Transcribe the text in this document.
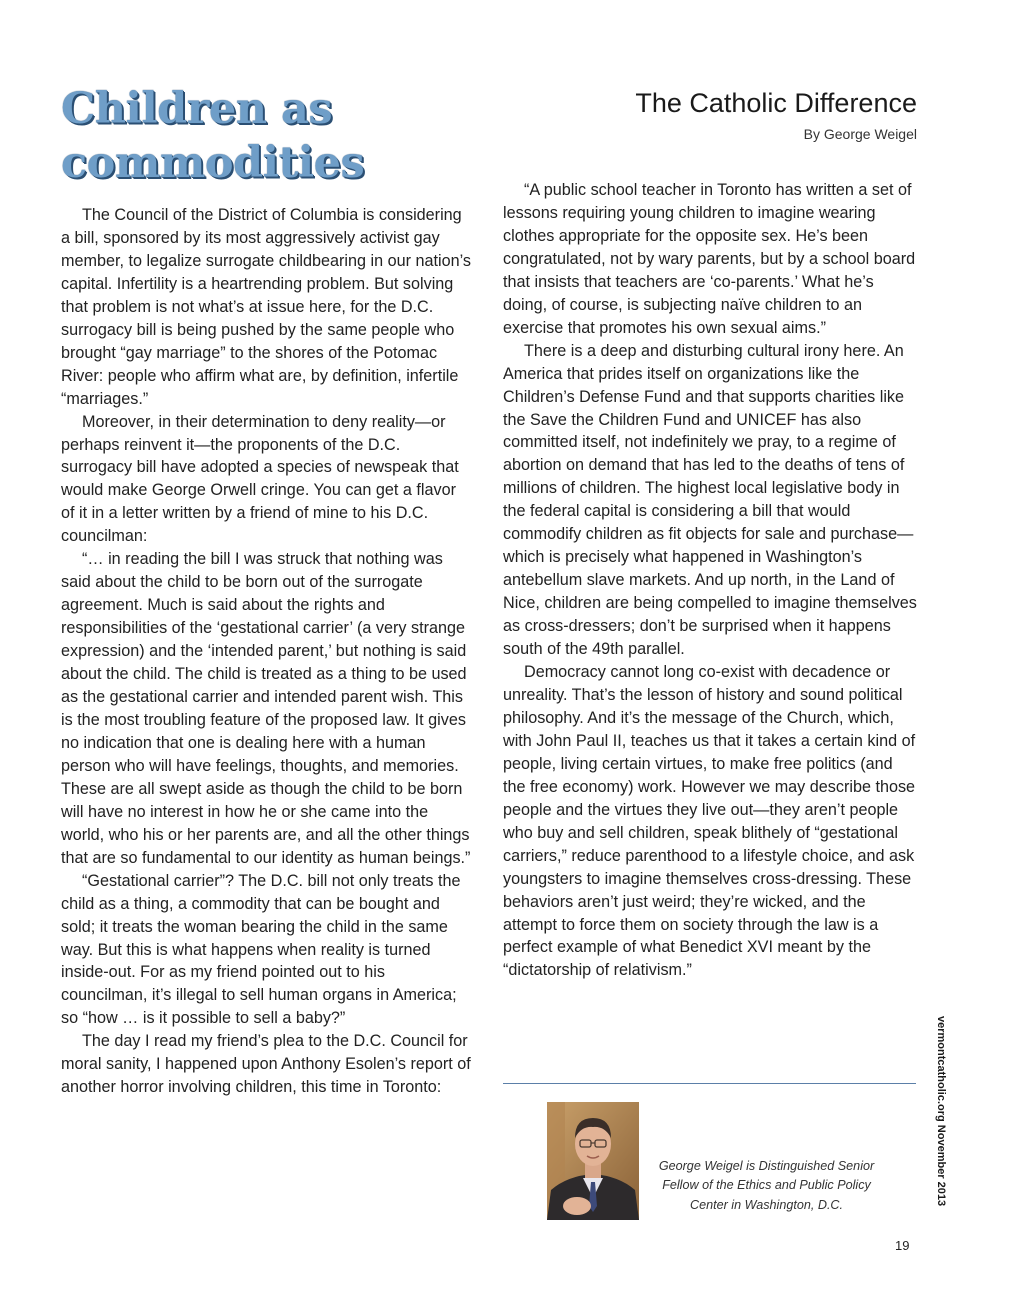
Children as commodities

The Council of the District of Columbia is considering a bill, sponsored by its most aggressively activist gay member, to legalize surrogate childbearing in our nation’s capital. Infertility is a heartrending problem. But solving that problem is not what’s at issue here, for the D.C. surrogacy bill is being pushed by the same people who brought “gay marriage” to the shores of the Potomac River: people who affirm what are, by definition, infertile “marriages.”

Moreover, in their determination to deny reality—or perhaps reinvent it—the proponents of the D.C. surrogacy bill have adopted a species of newspeak that would make George Orwell cringe. You can get a flavor of it in a letter written by a friend of mine to his D.C. councilman:

“… in reading the bill I was struck that nothing was said about the child to be born out of the surrogate agreement. Much is said about the rights and responsibilities of the ‘gestational carrier’ (a very strange expression) and the ‘intended parent,’ but nothing is said about the child. The child is treated as a thing to be used as the gestational carrier and intended parent wish. This is the most troubling feature of the proposed law. It gives no indication that one is dealing here with a human person who will have feelings, thoughts, and memories. These are all swept aside as though the child to be born will have no interest in how he or she came into the world, who his or her parents are, and all the other things that are so fundamental to our identity as human beings.”

“Gestational carrier”? The D.C. bill not only treats the child as a thing, a commodity that can be bought and sold; it treats the woman bearing the child in the same way. But this is what happens when reality is turned inside-out. For as my friend pointed out to his councilman, it’s illegal to sell human organs in America; so “how … is it possible to sell a baby?”

The day I read my friend’s plea to the D.C. Council for moral sanity, I happened upon Anthony Esolen’s report of another horror involving children, this time in Toronto:

The Catholic Difference
By George Weigel

“A public school teacher in Toronto has written a set of lessons requiring young children to imagine wearing clothes appropriate for the opposite sex. He’s been congratulated, not by wary parents, but by a school board that insists that teachers are ‘co-parents.’ What he’s doing, of course, is subjecting naïve children to an exercise that promotes his own sexual aims.”

There is a deep and disturbing cultural irony here. An America that prides itself on organizations like the Children’s Defense Fund and that supports charities like the Save the Children Fund and UNICEF has also committed itself, not indefinitely we pray, to a regime of abortion on demand that has led to the deaths of tens of millions of children. The highest local legislative body in the federal capital is considering a bill that would commodify children as fit objects for sale and purchase—which is precisely what happened in Washington’s antebellum slave markets. And up north, in the Land of Nice, children are being compelled to imagine themselves as cross-dressers; don’t be surprised when it happens south of the 49th parallel.

Democracy cannot long co-exist with decadence or unreality. That’s the lesson of history and sound political philosophy. And it’s the message of the Church, which, with John Paul II, teaches us that it takes a certain kind of people, living certain virtues, to make free politics (and the free economy) work. However we may describe those people and the virtues they live out—they aren’t people who buy and sell children, speak blithely of “gestational carriers,” reduce parenthood to a lifestyle choice, and ask youngsters to imagine themselves cross-dressing. These behaviors aren’t just weird; they’re wicked, and the attempt to force them on society through the law is a perfect example of what Benedict XVI meant by the “dictatorship of relativism.”

George Weigel is Distinguished Senior Fellow of the Ethics and Public Policy Center in Washington, D.C.	vermontcatholic.org November 2013
19
